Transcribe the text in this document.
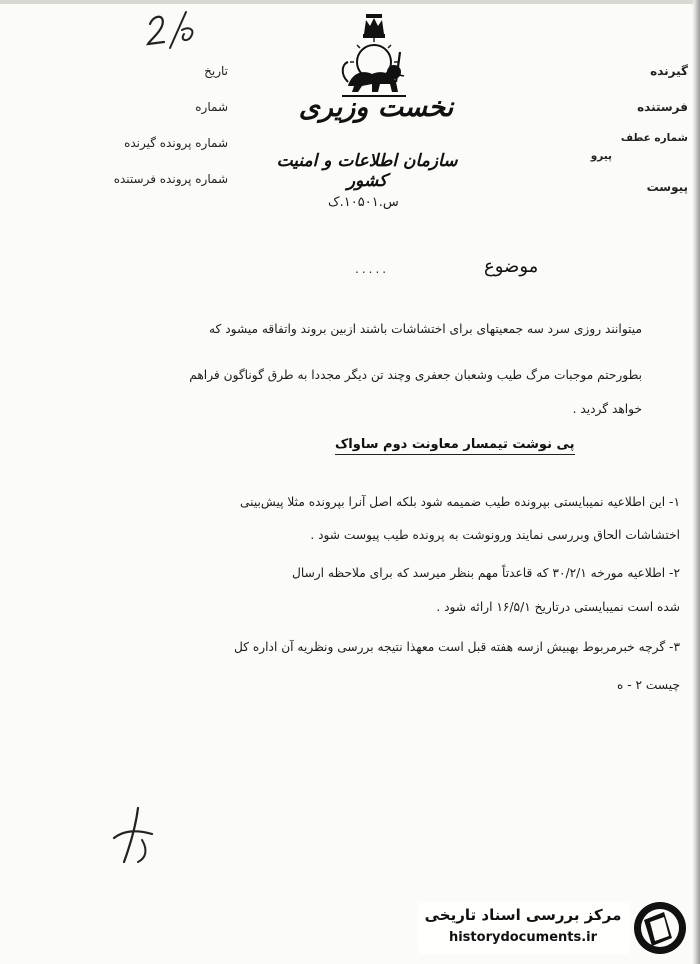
تاریخ
شماره
شماره پرونده گیرنده
شماره پرونده فرستنده
گیرنده
فرستنده
شماره عطف
پیرو
پیوست
نخست وزیری
سازمان اطلاعات و امنیت کشور
س.۱۰۵۰۱.ک
.....	موضوع
میتوانند روزی سرد سه جمعیتهای برای اختشاشات باشند ازبین بروند واتفاقه میشود که
بطورحتم موجبات مرگ طیب وشعبان جعفری وچند تن دیگر مجددا به طرق گوناگون فراهم
خواهد گردید .
پی نوشت تیمسار معاونت دوم ساواک
۱- این اطلاعیه نمیبایستی بپرونده طیب ضمیمه شود بلکه اصل آنرا بپرونده مثلا پیش‌بینی
اختشاشات الحاق وبررسی نمایند ورونوشت به پرونده طیب پیوست شود .
۲- اطلاعیه مورخه ۳۰/۲/۱ که قاعدتاً مهم بنظر میرسد که برای ملاحظه ارسال
شده است نمیبایستی درتاریخ ۱۶/۵/۱ ارائه شود .
۳- گرچه خبرمربوط بهبیش ازسه هفته قبل است معهذا نتیجه بررسی ونظریه آن اداره کل
چیست ۲ - ه
مرکز بررسی اسناد تاریخی
historydocuments.ir
